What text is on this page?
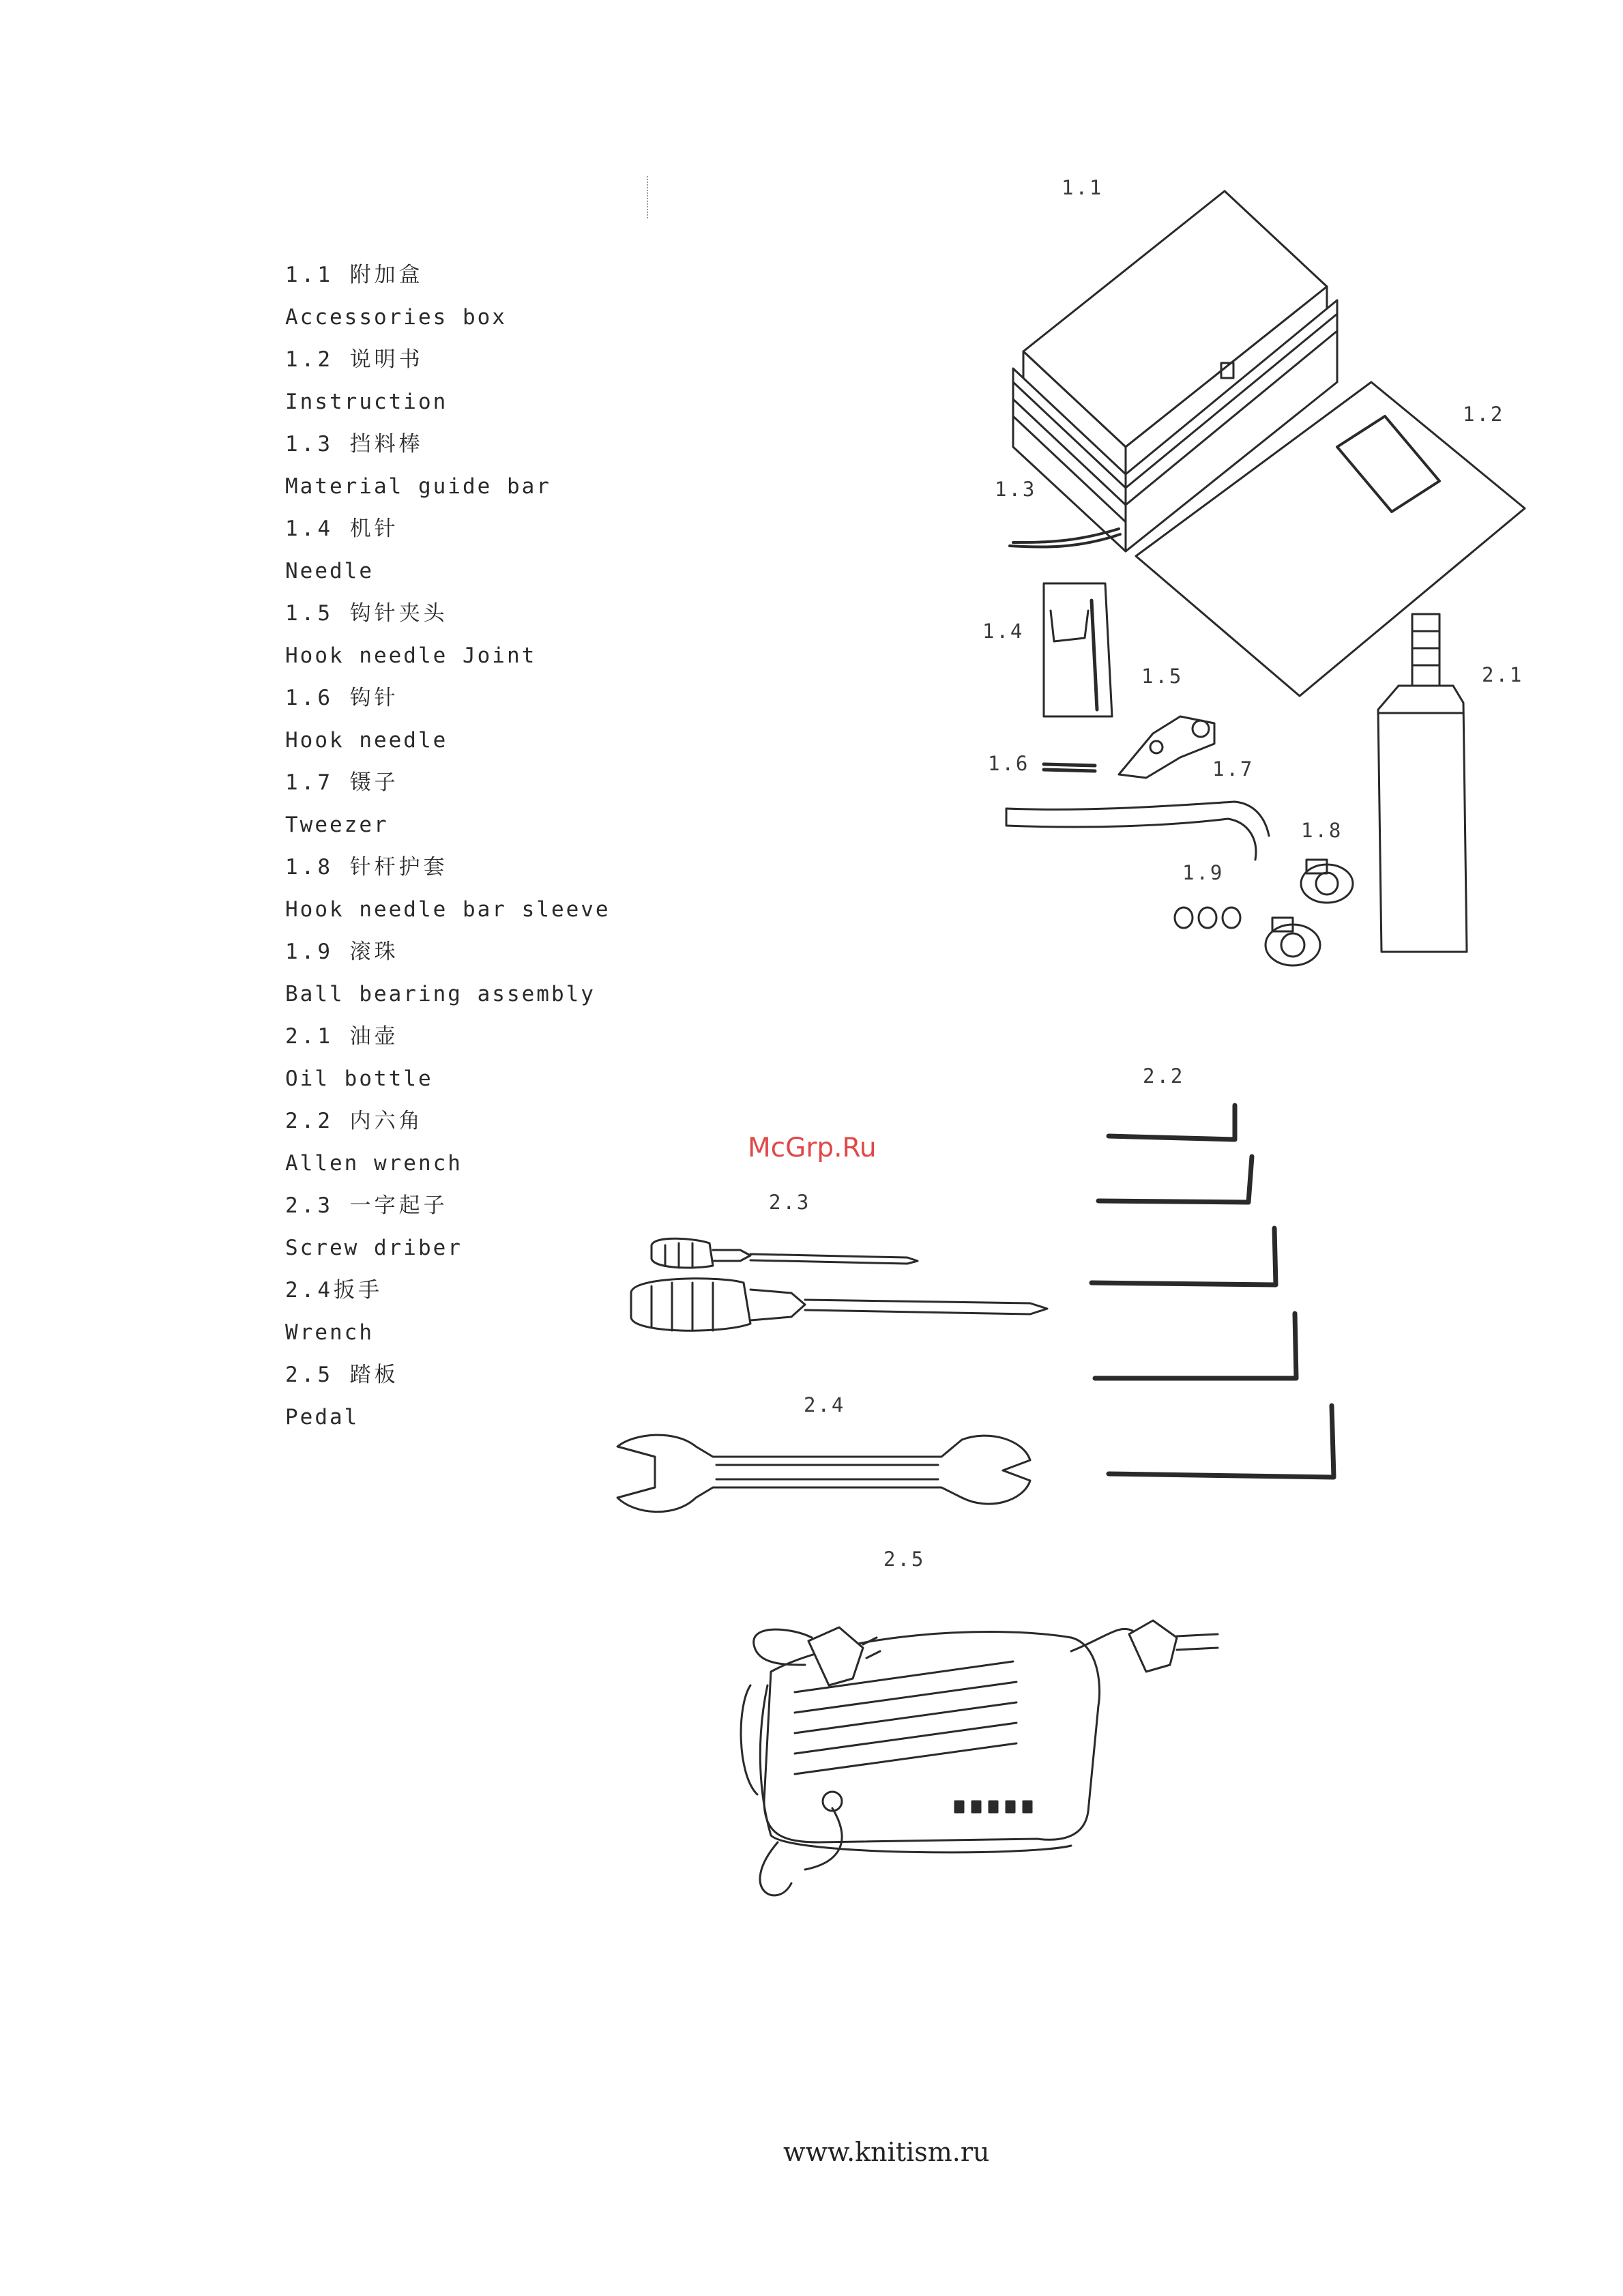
1.1 附加盒
Accessories box
1.2 说明书
Instruction
1.3 挡料棒
Material guide bar
1.4 机针
Needle
1.5 钩针夹头
Hook needle Joint
1.6 钩针
Hook needle
1.7 镊子
Tweezer
1.8 针杆护套
Hook needle bar sleeve
1.9 滚珠
Ball bearing assembly
2.1 油壶
Oil bottle
2.2 内六角
Allen wrench
2.3 一字起子
Screw driber
2.4扳手
Wrench
2.5 踏板
Pedal
1.1
1.2
1.3
1.4
1.5
1.6	1.7
1.8
1.9
2.1
2.2
2.3
2.4
2.5
McGrp.Ru
www.knitism.ru
